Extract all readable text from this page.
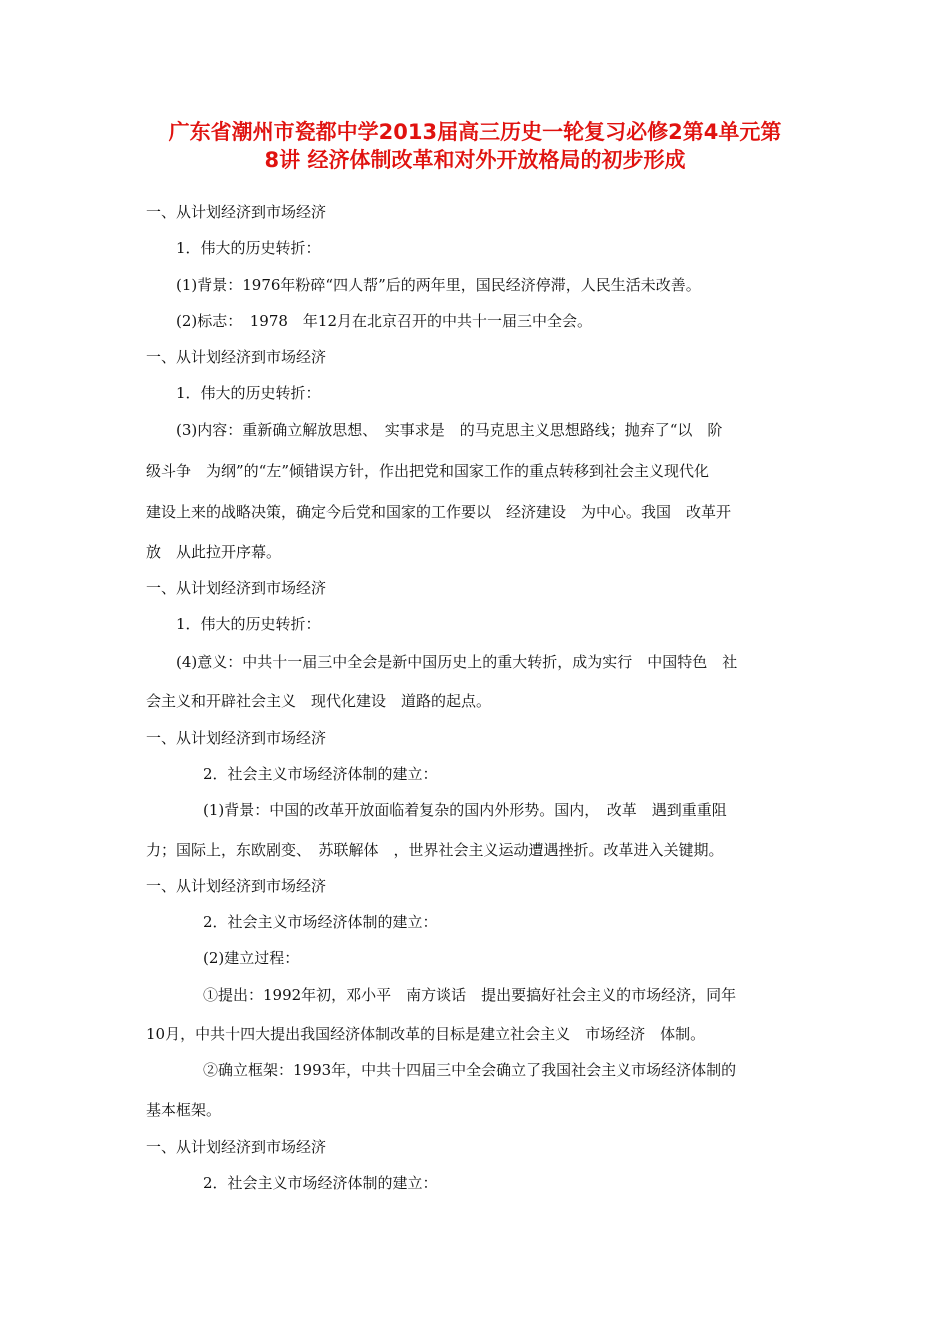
广东省潮州市瓷都中学2013届高三历史一轮复习必修2第4单元第
8讲 经济体制改革和对外开放格局的初步形成
一、从计划经济到市场经济
1．伟大的历史转折：
(1)背景：1976年粉碎“四人帮”后的两年里，国民经济停滞，人民生活未改善。
(2)标志：　1978　年12月在北京召开的中共十一届三中全会。
一、从计划经济到市场经济
1．伟大的历史转折：
(3)内容：重新确立解放思想、　实事求是　的马克思主义思想路线；抛弃了“以　阶
级斗争　为纲”的“左”倾错误方针，作出把党和国家工作的重点转移到社会主义现代化
建设上来的战略决策，确定今后党和国家的工作要以　经济建设　为中心。我国　改革开
放　从此拉开序幕。
一、从计划经济到市场经济
1．伟大的历史转折：
(4)意义：中共十一届三中全会是新中国历史上的重大转折，成为实行　中国特色　社
会主义和开辟社会主义　现代化建设　道路的起点。
一、从计划经济到市场经济
2．社会主义市场经济体制的建立：
(1)背景：中国的改革开放面临着复杂的国内外形势。国内，　改革　遇到重重阻
力；国际上，东欧剧变、　苏联解体　，世界社会主义运动遭遇挫折。改革进入关键期。
一、从计划经济到市场经济
2．社会主义市场经济体制的建立：
(2)建立过程：
①提出：1992年初，邓小平　南方谈话　提出要搞好社会主义的市场经济，同年
10月，中共十四大提出我国经济体制改革的目标是建立社会主义　市场经济　体制。
②确立框架：1993年，中共十四届三中全会确立了我国社会主义市场经济体制的
基本框架。
一、从计划经济到市场经济
2．社会主义市场经济体制的建立：
